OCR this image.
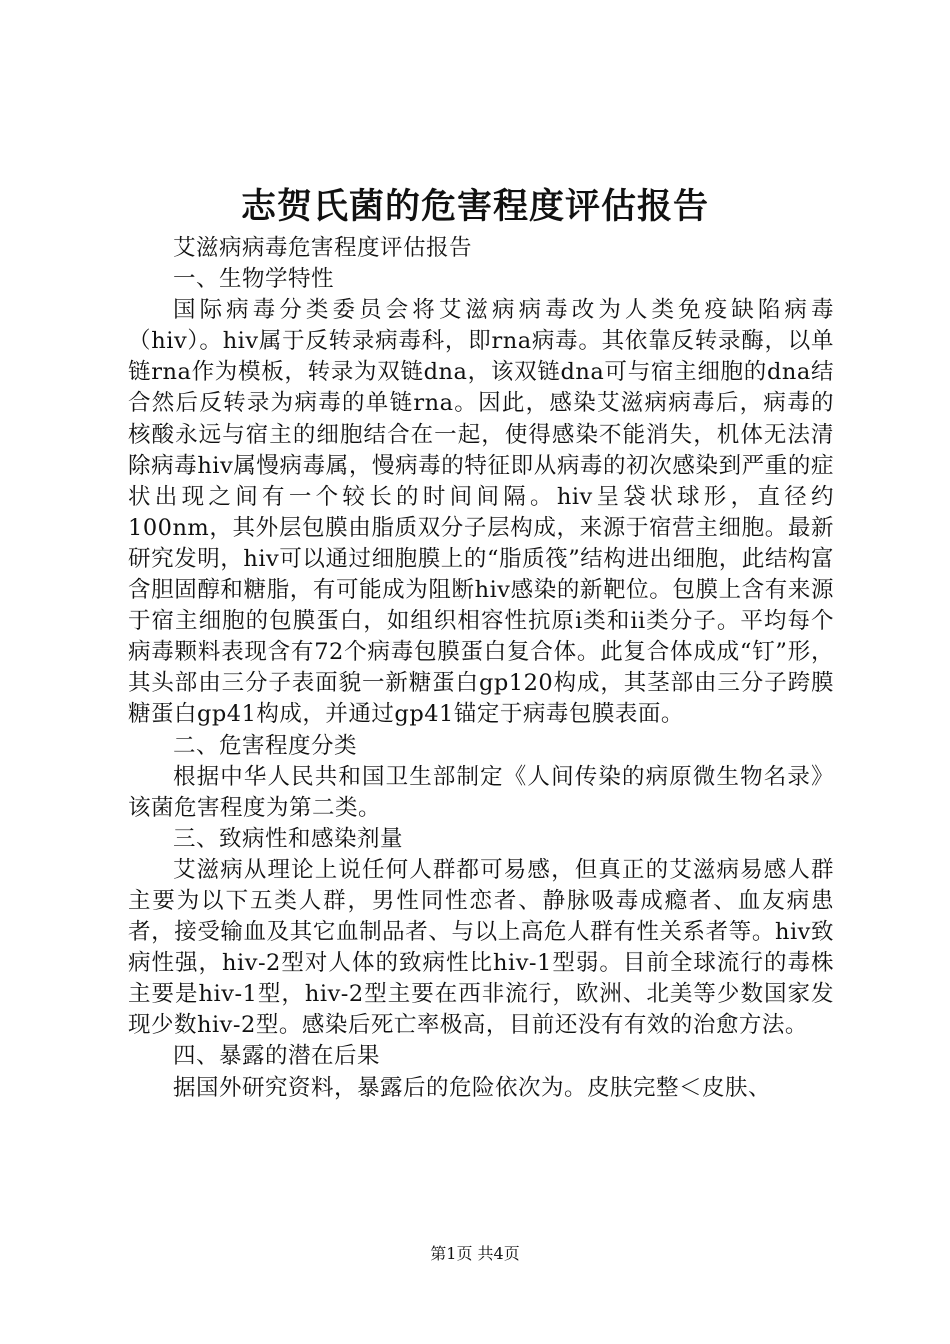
志贺氏菌的危害程度评估报告

艾滋病病毒危害程度评估报告

一、生物学特性

国际病毒分类委员会将艾滋病病毒改为人类免疫缺陷病毒（hiv）。hiv属于反转录病毒科，即rna病毒。其依靠反转录酶，以单链rna作为模板，转录为双链dna，该双链dna可与宿主细胞的dna结合然后反转录为病毒的单链rna。因此，感染艾滋病病毒后，病毒的核酸永远与宿主的细胞结合在一起，使得感染不能消失，机体无法清除病毒hiv属慢病毒属，慢病毒的特征即从病毒的初次感染到严重的症状出现之间有一个较长的时间间隔。hiv呈袋状球形，直径约100nm，其外层包膜由脂质双分子层构成，来源于宿营主细胞。最新研究发明，hiv可以通过细胞膜上的“脂质筏”结构进出细胞，此结构富含胆固醇和糖脂，有可能成为阻断hiv感染的新靶位。包膜上含有来源于宿主细胞的包膜蛋白，如组织相容性抗原i类和ii类分子。平均每个病毒颗料表现含有72个病毒包膜蛋白复合体。此复合体成成“钉”形，其头部由三分子表面貌一新糖蛋白gp120构成，其茎部由三分子跨膜糖蛋白gp41构成，并通过gp41锚定于病毒包膜表面。

二、危害程度分类

根据中华人民共和国卫生部制定《人间传染的病原微生物名录》该菌危害程度为第二类。

三、致病性和感染剂量

艾滋病从理论上说任何人群都可易感，但真正的艾滋病易感人群主要为以下五类人群，男性同性恋者、静脉吸毒成瘾者、血友病患者，接受输血及其它血制品者、与以上高危人群有性关系者等。hiv致病性强，hiv-2型对人体的致病性比hiv-1型弱。目前全球流行的毒株主要是hiv-1型，hiv-2型主要在西非流行，欧洲、北美等少数国家发现少数hiv-2型。感染后死亡率极高，目前还没有有效的治愈方法。

四、暴露的潜在后果

据国外研究资料，暴露后的危险依次为。皮肤完整＜皮肤、

第1页 共4页
